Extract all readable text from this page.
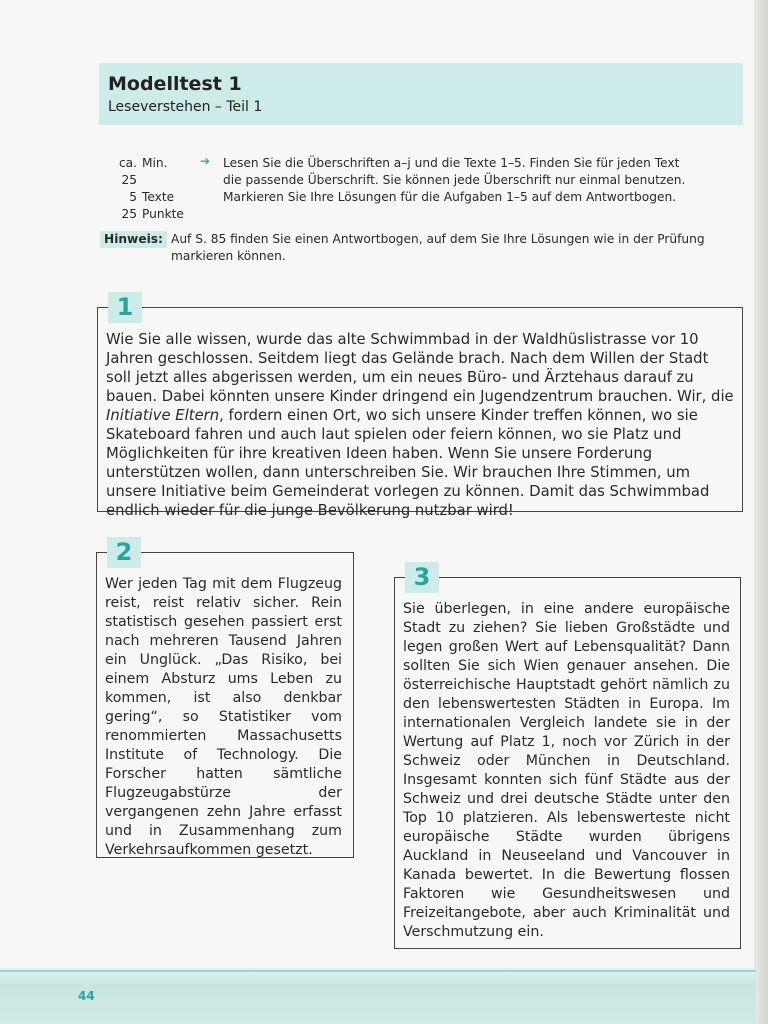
Modelltest 1
Leseverstehen – Teil 1
ca. 25
Min.
5 Texte
25 Punkte
➔ Lesen Sie die Überschriften a–j und die Texte 1–5. Finden Sie für jeden Text
die passende Überschrift. Sie können jede Überschrift nur einmal benutzen.
Markieren Sie Ihre Lösungen für die Aufgaben 1–5 auf dem Antwortbogen.
Hinweis: Auf S. 85 finden Sie einen Antwortbogen, auf dem Sie Ihre Lösungen wie in der Prüfung markieren können.
1

Wie Sie alle wissen, wurde das alte Schwimmbad in der Waldhüslistrasse vor 10 Jahren geschlossen. Seitdem liegt das Gelände brach. Nach dem Willen der Stadt soll jetzt alles abgerissen werden, um ein neues Büro- und Ärztehaus darauf zu bauen. Dabei könnten unsere Kinder dringend ein Jugendzentrum brauchen. Wir, die Initiative Eltern, fordern einen Ort, wo sich unsere Kinder treffen können, wo sie Skateboard fahren und auch laut spielen oder feiern können, wo sie Platz und Möglichkeiten für ihre kreativen Ideen haben. Wenn Sie unsere Forderung unterstützen wollen, dann unterschreiben Sie. Wir brauchen Ihre Stimmen, um unsere Initiative beim Gemeinderat vorlegen zu können. Damit das Schwimmbad endlich wieder für die junge Bevölkerung nutzbar wird!

2

Wer jeden Tag mit dem Flugzeug reist, reist relativ sicher. Rein statistisch gesehen passiert erst nach mehreren Tausend Jahren ein Unglück. „Das Risiko, bei einem Absturz ums Leben zu kommen, ist also denkbar gering“, so Statistiker vom renommierten Massachusetts Institute of Technology. Die Forscher hatten sämtliche Flugzeugabstürze der vergangenen zehn Jahre erfasst und in Zusammenhang zum Verkehrsaufkommen gesetzt.

3

Sie überlegen, in eine andere europäische Stadt zu ziehen? Sie lieben Großstädte und legen großen Wert auf Lebensqualität? Dann sollten Sie sich Wien genauer ansehen. Die österreichische Hauptstadt gehört nämlich zu den lebenswertesten Städten in Europa. Im internationalen Vergleich landete sie in der Wertung auf Platz 1, noch vor Zürich in der Schweiz oder München in Deutschland. Insgesamt konnten sich fünf Städte aus der Schweiz und drei deutsche Städte unter den Top 10 platzieren. Als lebenswerteste nicht europäische Städte wurden übrigens Auckland in Neuseeland und Vancouver in Kanada bewertet. In die Bewertung flossen Faktoren wie Gesundheitswesen und Freizeitangebote, aber auch Kriminalität und Verschmutzung ein.

44
